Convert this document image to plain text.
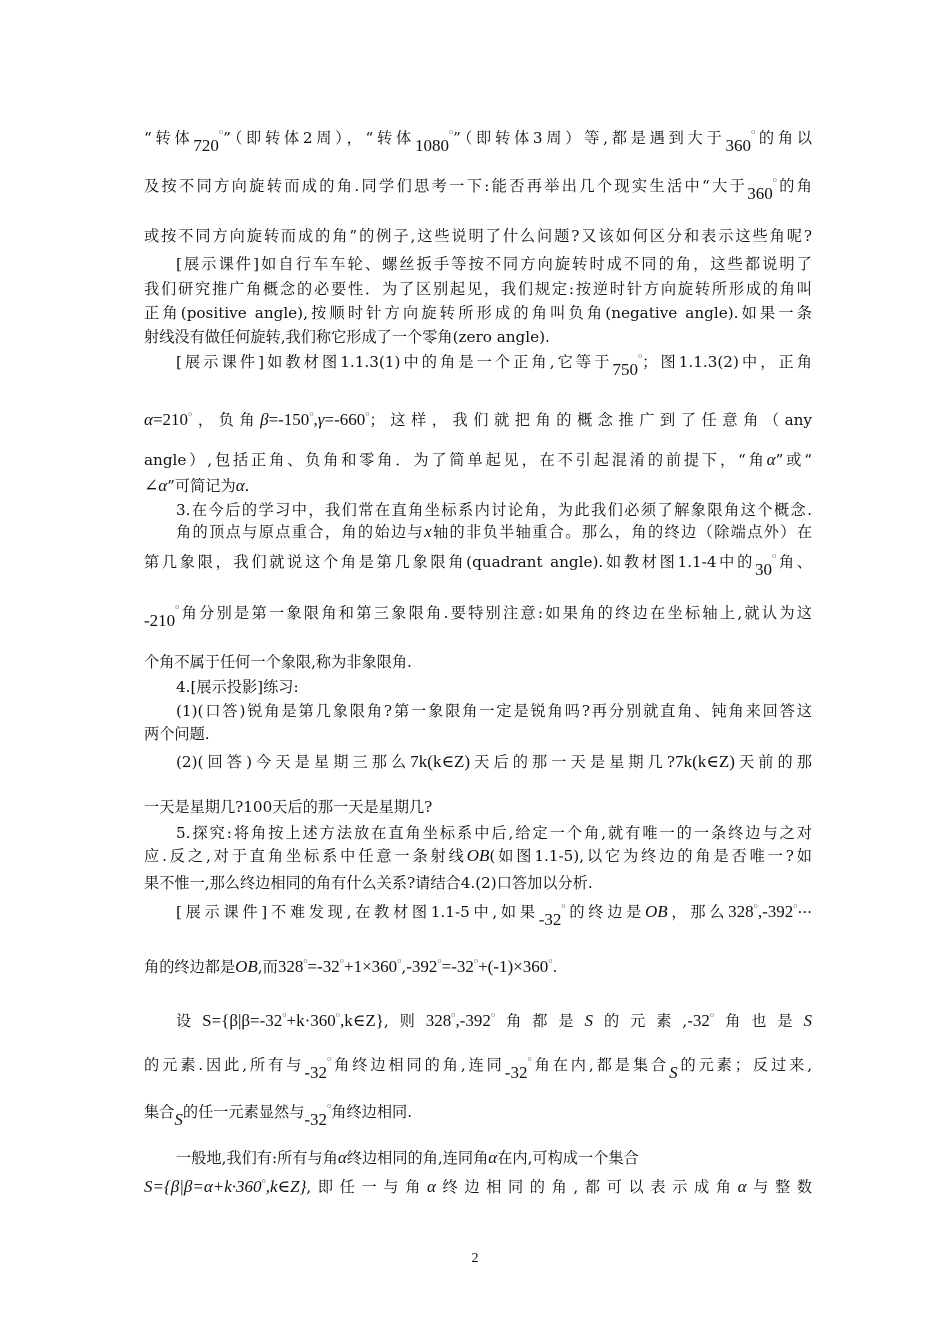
“转体720$^o$”（即转体2周），“转体1080$^o$”（即转体3周）等,都是遇到大于360$^o$的角以
及按不同方向旋转而成的角.同学们思考一下:能否再举出几个现实生活中“大于360$^o$的角
或按不同方向旋转而成的角”的例子,这些说明了什么问题?又该如何区分和表示这些角呢?
[展示课件]如自行车车轮、螺丝扳手等按不同方向旋转时成不同的角，这些都说明了
我们研究推广角概念的必要性．为了区别起见，我们规定:按逆时针方向旋转所形成的角叫
正角(positive angle),按顺时针方向旋转所形成的角叫负角(negative angle).如果一条
射线没有做任何旋转,我们称它形成了一个零角(zero angle).
[展示课件]如教材图1.1.3(1)中的角是一个正角,它等于750$^o$；图1.1.3(2)中，正角
$\alpha=210^o$，负角$\beta=-150^o,\gamma=-660^o$；这样，我们就把角的概念推广到了任意角（any
angle）,包括正角、负角和零角．为了简单起见，在不引起混淆的前提下，“角α”或“
∠α”可简记为α.
3.在今后的学习中，我们常在直角坐标系内讨论角，为此我们必须了解象限角这个概念.
角的顶点与原点重合，角的始边与x轴的非负半轴重合。那么，角的终边（除端点外）在
第几象限，我们就说这个角是第几象限角(quadrant angle).如教材图1.1-4中的30$^o$角、
-210$^o$角分别是第一象限角和第三象限角.要特别注意:如果角的终边在坐标轴上,就认为这
个角不属于任何一个象限,称为非象限角.
4.[展示投影]练习:
(1)(口答)锐角是第几象限角?第一象限角一定是锐角吗?再分别就直角、钝角来回答这
两个问题.
(2)(回答)今天是星期三那么7k(k∈Z)天后的那一天是星期几?7k(k∈Z)天前的那
一天是星期几?100天后的那一天是星期几?
5.探究:将角按上述方法放在直角坐标系中后,给定一个角,就有唯一的一条终边与之对
应.反之,对于直角坐标系中任意一条射线OB(如图1.1-5),以它为终边的角是否唯一?如
果不惟一,那么终边相同的角有什么关系?请结合4.(2)口答加以分析.
[展示课件]不难发现,在教材图1.1-5中,如果-32$^o$的终边是OB，那么$328^o,-392^o\cdot\cdot\cdot$
角的终边都是OB,而$328^o=-32^o+1\times 360^o,-392^o=-32^o+(-1)\times 360^o$.
设$S=\{\beta|\beta=-32^o+k\cdot 360^o,k\in Z\}$,则328$^o$,-392$^o$角都是S的元素,-32$^o$角也是S
的元素.因此,所有与-32$^o$角终边相同的角,连同-32$^o$角在内,都是集合S的元素；反过来,
集合S的任一元素显然与-32$^o$角终边相同.
一般地,我们有:所有与角α终边相同的角,连同角α在内,可构成一个集合
$S=\{\beta|\beta=\alpha+k\cdot 360^o,k\in Z\}$,即任一与角α终边相同的角,都可以表示成角α与整数
2
